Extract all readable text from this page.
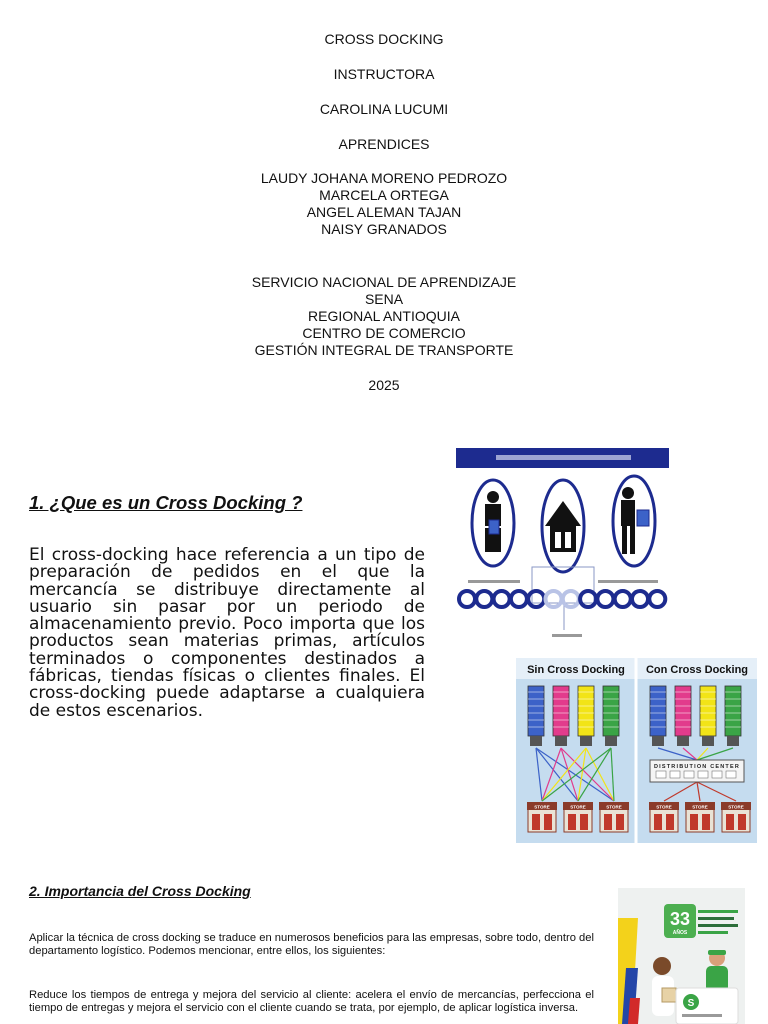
CROSS DOCKING
INSTRUCTORA
CAROLINA LUCUMI
APRENDICES
LAUDY JOHANA MORENO PEDROZO
MARCELA ORTEGA
ANGEL ALEMAN TAJAN
NAISY GRANADOS
SERVICIO NACIONAL DE APRENDIZAJE
SENA
REGIONAL ANTIOQUIA
CENTRO DE COMERCIO
GESTIÓN INTEGRAL DE TRANSPORTE
2025
1. ¿Que es un Cross Docking ?
El cross-docking hace referencia a un tipo de preparación de pedidos en el que la mercancía se distribuye directamente al usuario sin pasar por un periodo de almacenamiento previo. Poco importa que los productos sean materias primas, artículos terminados o componentes destinados a fábricas, tiendas físicas o clientes finales. El cross-docking puede adaptarse a cualquiera de estos escenarios.
Sin Cross Docking Con Cross Docking
DISTRIBUTION CENTER
STORE	STORE	STORE	STORE	STORE	STORE
33
AÑOS
S
2. Importancia del Cross Docking
Aplicar la técnica de cross docking se traduce en numerosos beneficios para las empresas, sobre todo, dentro del departamento logístico. Podemos mencionar, entre ellos, los siguientes:
Reduce los tiempos de entrega y mejora del servicio al cliente: acelera el envío de mercancías, perfecciona el tiempo de entregas y mejora el servicio con el cliente cuando se trata, por ejemplo, de aplicar logística inversa.
